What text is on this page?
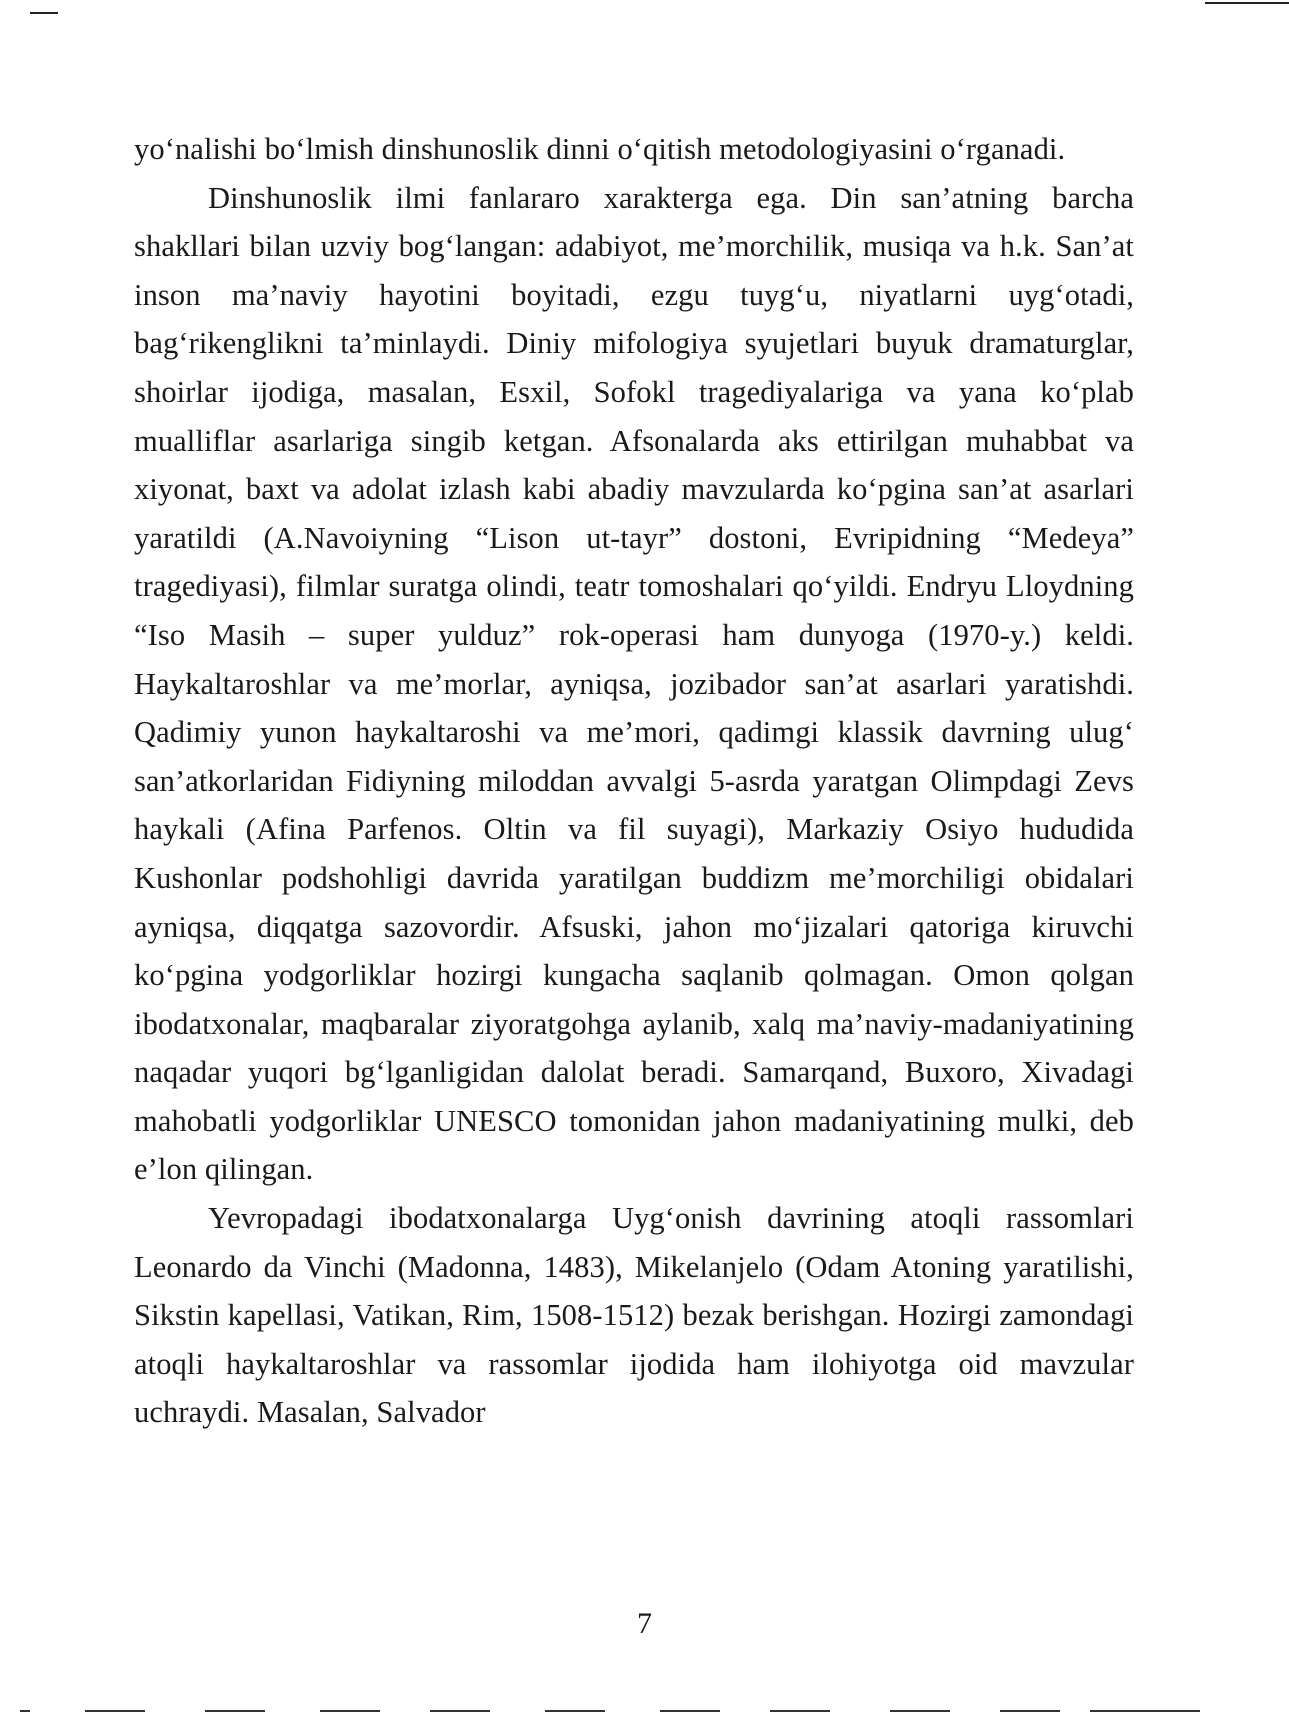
yo‘nalishi bo‘lmish dinshunoslik dinni o‘qitish metodologiyasini o‘rganadi.

Dinshunoslik ilmi fanlararo xarakterga ega. Din san’atning barcha shakllari bilan uzviy bog‘langan: adabiyot, me’morchilik, musiqa va h.k. San’at inson ma’naviy hayotini boyitadi, ezgu tuyg‘u, niyatlarni uyg‘otadi, bag‘rikenglikni ta’minlaydi. Diniy mifologiya syujetlari buyuk dramaturglar, shoirlar ijodiga, masalan, Esxil, Sofokl tragediyalariga va yana ko‘plab mualliflar asarlariga singib ketgan. Afsonalarda aks ettirilgan muhabbat va xiyonat, baxt va adolat izlash kabi abadiy mavzularda ko‘pgina san’at asarlari yaratildi (A.Navoiyning “Lison ut-tayr” dostoni, Evripidning “Medeya” tragediyasi), filmlar suratga olindi, teatr tomoshalari qo‘yildi. Endryu Lloydning “Iso Masih – super yulduz” rok-operasi ham dunyoga (1970-y.) keldi. Haykaltaroshlar va me’morlar, ayniqsa, jozibador san’at asarlari yaratishdi. Qadimiy yunon haykaltaroshi va me’mori, qadimgi klassik davrning ulug‘ san’atkorlaridan Fidiyning miloddan avvalgi 5-asrda yaratgan Olimpdagi Zevs haykali (Afina Parfenos. Oltin va fil suyagi), Markaziy Osiyo hududida Kushonlar podshohligi davrida yaratilgan buddizm me’morchiligi obidalari ayniqsa, diqqatga sazovordir. Afsuski, jahon mo‘jizalari qatoriga kiruvchi ko‘pgina yodgorliklar hozirgi kungacha saqlanib qolmagan. Omon qolgan ibodatxonalar, maqbaralar ziyoratgohga aylanib, xalq ma’naviy-madaniyatining naqadar yuqori bg‘lganligidan dalolat beradi. Samarqand, Buxoro, Xivadagi mahobatli yodgorliklar UNESCO tomonidan jahon madaniyatining mulki, deb e’lon qilingan.

Yevropadagi ibodatxonalarga Uyg‘onish davrining atoqli rassomlari Leonardo da Vinchi (Madonna, 1483), Mikelanjelo (Odam Atoning yaratilishi, Sikstin kapellasi, Vatikan, Rim, 1508-1512) bezak berishgan. Hozirgi zamondagi atoqli haykaltaroshlar va rassomlar ijodida ham ilohiyotga oid mavzular uchraydi. Masalan, Salvador

7
